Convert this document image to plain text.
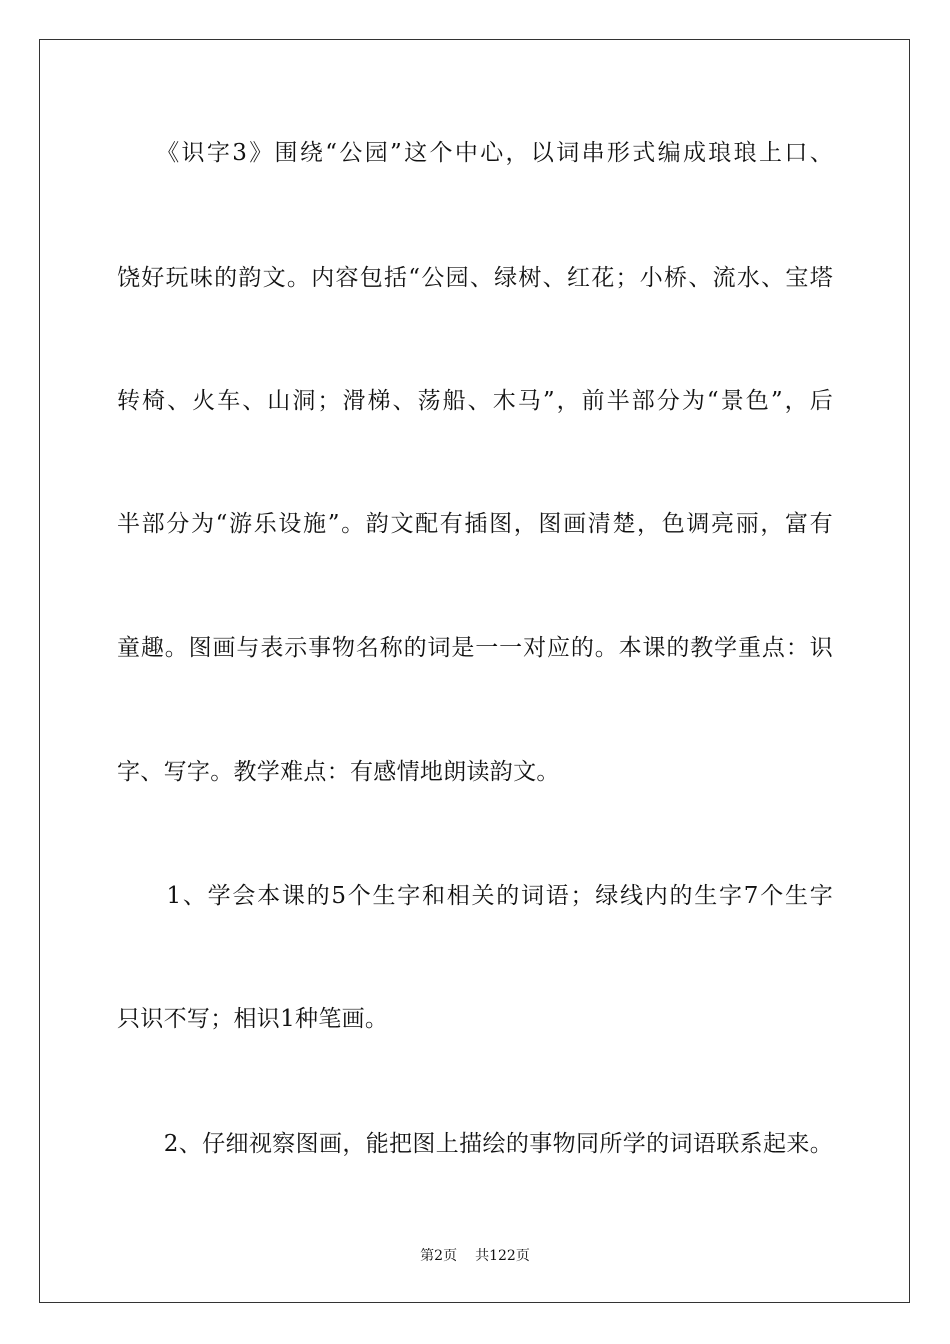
　　《识字3》围绕“公园”这个中心，以词串形式编成琅琅上口、
饶好玩味的韵文。内容包括“公园、绿树、红花；小桥、流水、宝塔
转椅、火车、山洞；滑梯、荡船、木马”，前半部分为“景色”，后
半部分为“游乐设施”。韵文配有插图，图画清楚，色调亮丽，富有
童趣。图画与表示事物名称的词是一一对应的。本课的教学重点：识
字、写字。教学难点：有感情地朗读韵文。
　　1、学会本课的5个生字和相关的词语；绿线内的生字7个生字
只识不写；相识1种笔画。
　　2、仔细视察图画，能把图上描绘的事物同所学的词语联系起来。
第2页 共122页
